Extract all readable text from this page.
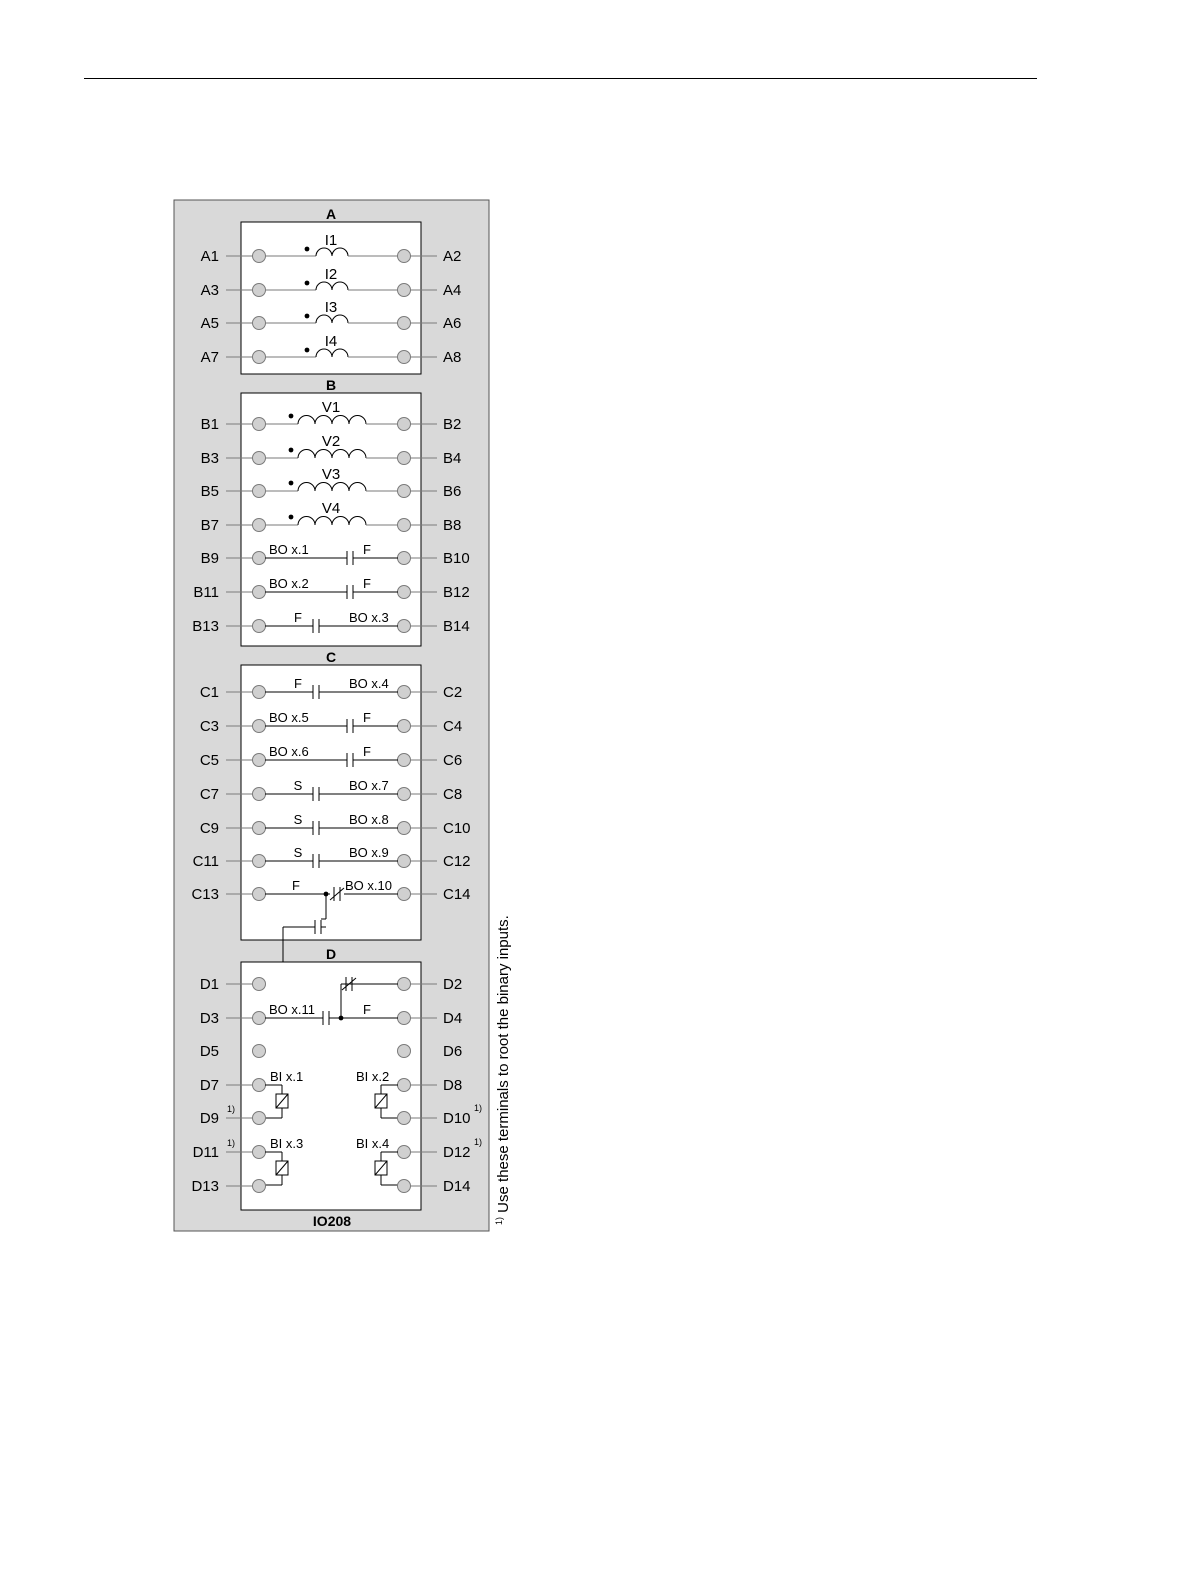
A
A1	A2
I1
A3	A4
I2
A5	A6
I3
A7	A8
I4
B
B1	B2
V1
B3	B4
V2
B5	B6
V3
B7	B8
V4
B9	B10
BO x.1	F
B11	B12
BO x.2	F
B13	B14
F	BO x.3
C
C1	C2
F	BO x.4
C3	C4
BO x.5	F
C5	C6
BO x.6	F
C7	C8
S	BO x.7
C9	C10
S	BO x.8
C11	C12
S	BO x.9
C13	C14
F	BO x.10
D
D1	D2
D3	D4
BO x.11	F
D5	D6
D7	D8
BI x.1	BI x.2
D9	D10
1)	1)
D11	D12
BI x.3	BI x.4
1)	1)
D13	D14
IO208	$^{1)}$ Use these terminals to root the binary inputs.
